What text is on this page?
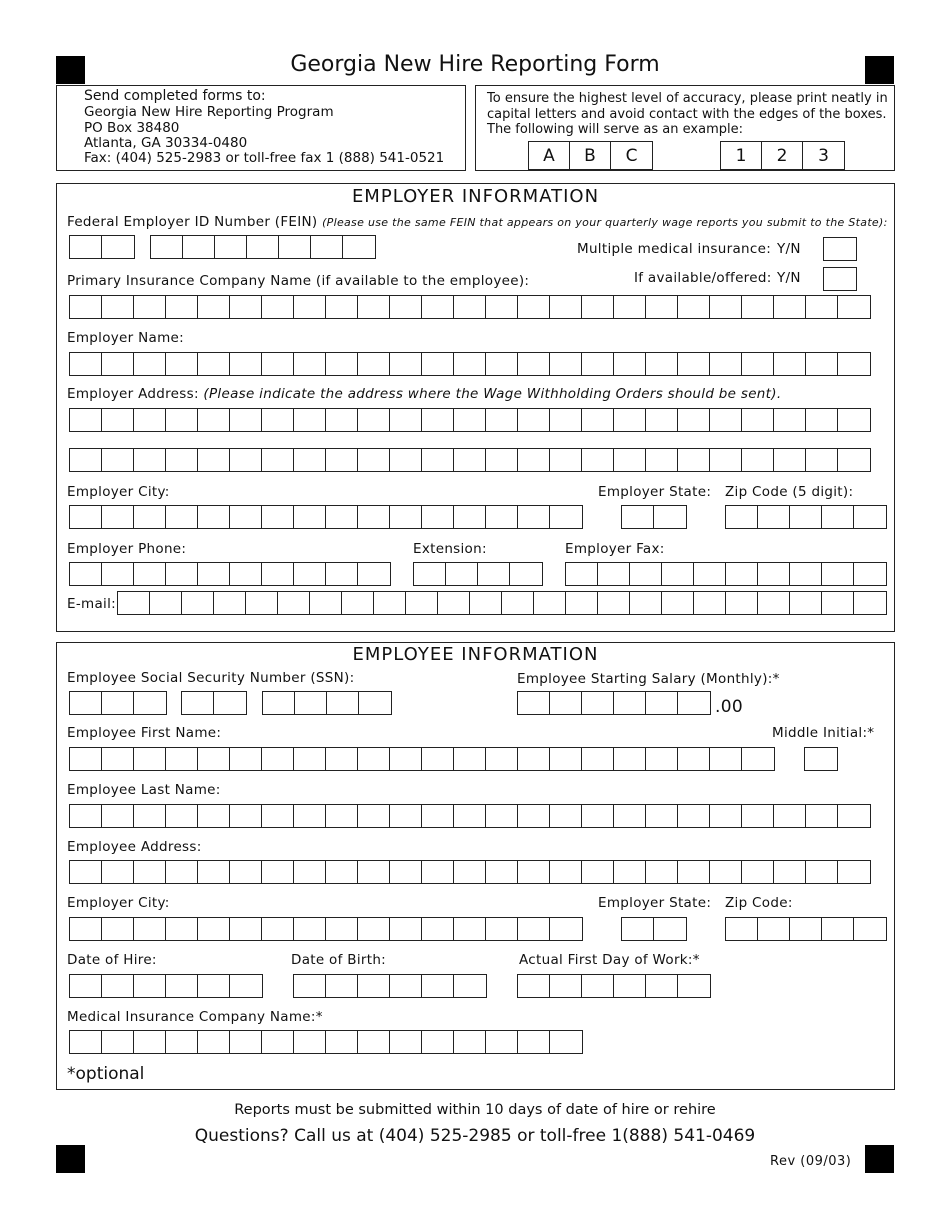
Georgia New Hire Reporting Form
Send completed forms to:
Georgia New Hire Reporting Program
PO Box 38480
Atlanta, GA 30334-0480
Fax: (404) 525-2983 or toll-free fax 1 (888) 541-0521
To ensure the highest level of accuracy, please print neatly in
capital letters and avoid contact with the edges of the boxes.
The following will serve as an example:
A	B	C	1	2	3
EMPLOYER INFORMATION
Federal Employer ID Number (FEIN) (Please use the same FEIN that appears on your quarterly wage reports you submit to the State):
Multiple medical insurance: Y/N
If available/offered: Y/N
Primary Insurance Company Name (if available to the employee):
Employer Name:
Employer Address: (Please indicate the address where the Wage Withholding Orders should be sent).
Employer City:	Employer State: Zip Code (5 digit):
Employer Phone:	Extension:	Employer Fax:
E-mail:
EMPLOYEE INFORMATION
Employee Social Security Number (SSN):	Employee Starting Salary (Monthly):*
.00
Employee First Name:	Middle Initial:*
Employee Last Name:
Employee Address:
Employer City:	Employer State: Zip Code:
Date of Hire:	Date of Birth:	Actual First Day of Work:*
Medical Insurance Company Name:*
*optional
Reports must be submitted within 10 days of date of hire or rehire
Questions? Call us at (404) 525-2985 or toll-free 1(888) 541-0469
Rev (09/03)
